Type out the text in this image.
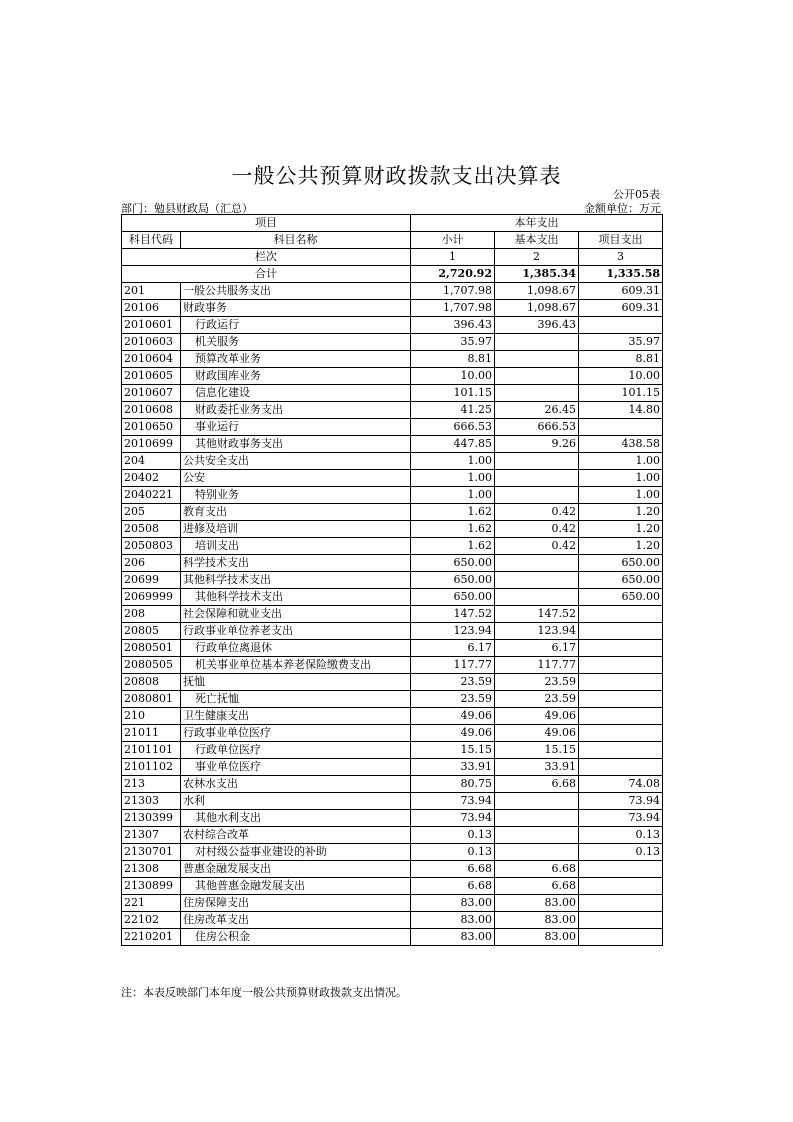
一般公共预算财政拨款支出决算表
公开05表
部门：勉县财政局（汇总）	金额单位：万元
项目		本年支出		
科目代码	科目名称	小计	基本支出	项目支出
栏次		1	2	3
合计		2,720.92	1,385.34	1,335.58
201	一般公共服务支出	1,707.98	1,098.67	609.31
20106	财政事务	1,707.98	1,098.67	609.31
2010601	行政运行	396.43	396.43	
2010603	机关服务	35.97		35.97
2010604	预算改革业务	8.81		8.81
2010605	财政国库业务	10.00		10.00
2010607	信息化建设	101.15		101.15
2010608	财政委托业务支出	41.25	26.45	14.80
2010650	事业运行	666.53	666.53	
2010699	其他财政事务支出	447.85	9.26	438.58
204	公共安全支出	1.00		1.00
20402	公安	1.00		1.00
2040221	特别业务	1.00		1.00
205	教育支出	1.62	0.42	1.20
20508	进修及培训	1.62	0.42	1.20
2050803	培训支出	1.62	0.42	1.20
206	科学技术支出	650.00		650.00
20699	其他科学技术支出	650.00		650.00
2069999	其他科学技术支出	650.00		650.00
208	社会保障和就业支出	147.52	147.52	
20805	行政事业单位养老支出	123.94	123.94	
2080501	行政单位离退休	6.17	6.17	
2080505	机关事业单位基本养老保险缴费支出	117.77	117.77	
20808	抚恤	23.59	23.59	
2080801	死亡抚恤	23.59	23.59	
210	卫生健康支出	49.06	49.06	
21011	行政事业单位医疗	49.06	49.06	
2101101	行政单位医疗	15.15	15.15	
2101102	事业单位医疗	33.91	33.91	
213	农林水支出	80.75	6.68	74.08
21303	水利	73.94		73.94
2130399	其他水利支出	73.94		73.94
21307	农村综合改革	0.13		0.13
2130701	对村级公益事业建设的补助	0.13		0.13
21308	普惠金融发展支出	6.68	6.68	
2130899	其他普惠金融发展支出	6.68	6.68	
221	住房保障支出	83.00	83.00	
22102	住房改革支出	83.00	83.00	
2210201	住房公积金	83.00	83.00	
注：本表反映部门本年度一般公共预算财政拨款支出情况。
